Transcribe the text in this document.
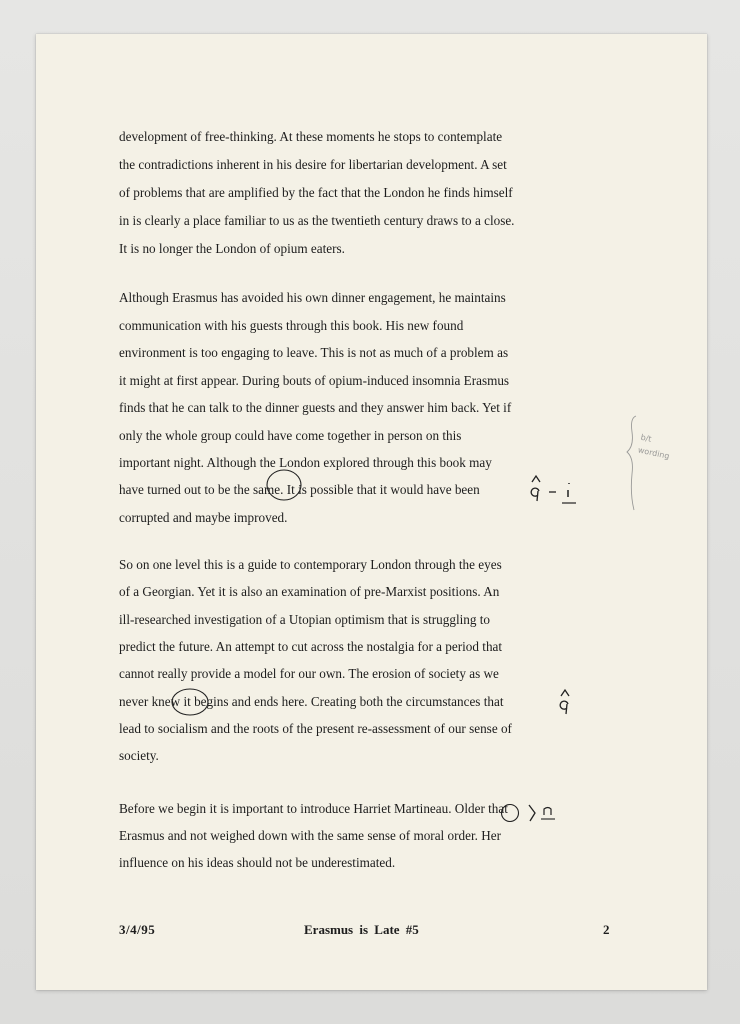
development of free-thinking. At these moments he stops to contemplate
the contradictions inherent in his desire for libertarian development. A set
of problems that are amplified by the fact that the London he finds himself
in is clearly a place familiar to us as the twentieth century draws to a close.
It is no longer the London of opium eaters.
Although Erasmus has avoided his own dinner engagement, he maintains
communication with his guests through this book. His new found
environment is too engaging to leave. This is not as much of a problem as
it might at first appear. During bouts of opium-induced insomnia Erasmus
finds that he can talk to the dinner guests and they answer him back. Yet if
only the whole group could have come together in person on this
important night. Although the London explored through this book may
have turned out to be the same. It is possible that it would have been
corrupted and maybe improved.
So on one level this is a guide to contemporary London through the eyes
of a Georgian. Yet it is also an examination of pre-Marxist positions. An
ill-researched investigation of a Utopian optimism that is struggling to
predict the future. An attempt to cut across the nostalgia for a period that
cannot really provide a model for our own. The erosion of society as we
never knew it begins and ends here. Creating both the circumstances that
lead to socialism and the roots of the present re-assessment of our sense of
society.
Before we begin it is important to introduce Harriet Martineau. Older that
Erasmus and not weighed down with the same sense of moral order. Her
influence on his ideas should not be underestimated.
3/4/95	Erasmus is Late #5	2
b/t wording
